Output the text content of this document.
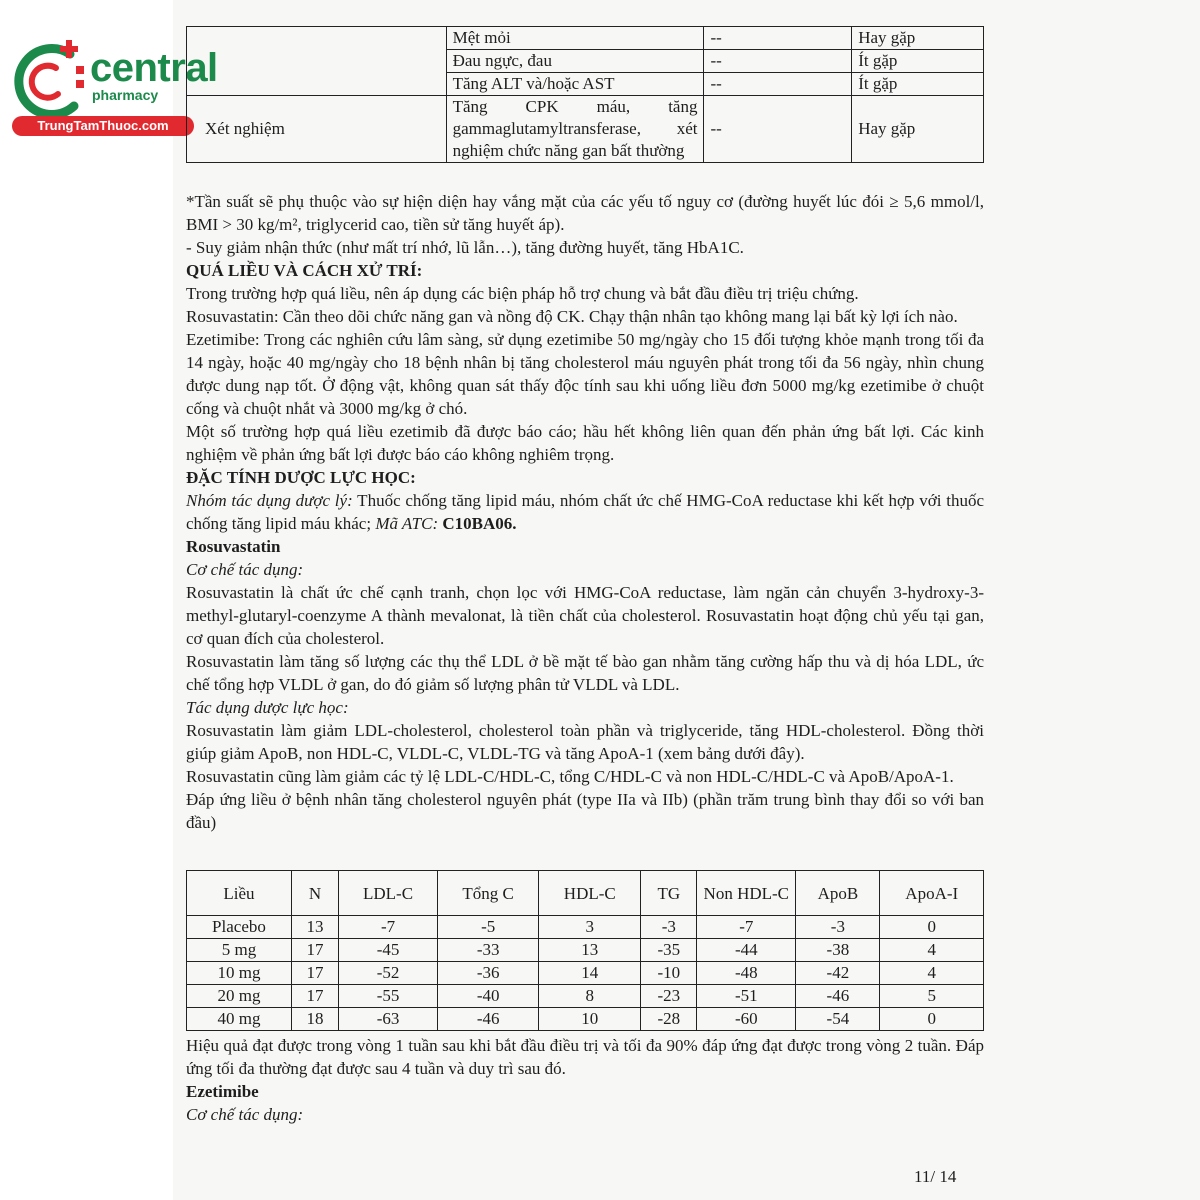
central
pharmacy
TrungTamThuoc.com
	Mệt mỏi	--	Hay gặp
	Đau ngực, đau	--	Ít gặp
	Tăng ALT và/hoặc AST	--	Ít gặp
Xét nghiệm	Tăng CPK máu, tăng gammaglutamyltransferase, xét nghiệm chức năng gan bất thường	--	Hay gặp

*Tần suất sẽ phụ thuộc vào sự hiện diện hay vắng mặt của các yếu tố nguy cơ (đường huyết lúc đói ≥ 5,6 mmol/l, BMI > 30 kg/m², triglycerid cao, tiền sử tăng huyết áp).

- Suy giảm nhận thức (như mất trí nhớ, lũ lẫn…), tăng đường huyết, tăng HbA1C.

QUÁ LIỀU VÀ CÁCH XỬ TRÍ:

Trong trường hợp quá liều, nên áp dụng các biện pháp hỗ trợ chung và bắt đầu điều trị triệu chứng.

Rosuvastatin: Cần theo dõi chức năng gan và nồng độ CK. Chạy thận nhân tạo không mang lại bất kỳ lợi ích nào.

Ezetimibe: Trong các nghiên cứu lâm sàng, sử dụng ezetimibe 50 mg/ngày cho 15 đối tượng khỏe mạnh trong tối đa 14 ngày, hoặc 40 mg/ngày cho 18 bệnh nhân bị tăng cholesterol máu nguyên phát trong tối đa 56 ngày, nhìn chung được dung nạp tốt. Ở động vật, không quan sát thấy độc tính sau khi uống liều đơn 5000 mg/kg ezetimibe ở chuột cống và chuột nhắt và 3000 mg/kg ở chó.

Một số trường hợp quá liều ezetimib đã được báo cáo; hầu hết không liên quan đến phản ứng bất lợi. Các kinh nghiệm về phản ứng bất lợi được báo cáo không nghiêm trọng.

ĐẶC TÍNH DƯỢC LỰC HỌC:

Nhóm tác dụng dược lý: Thuốc chống tăng lipid máu, nhóm chất ức chế HMG-CoA reductase khi kết hợp với thuốc chống tăng lipid máu khác; Mã ATC: C10BA06.

Rosuvastatin

Cơ chế tác dụng:

Rosuvastatin là chất ức chế cạnh tranh, chọn lọc với HMG-CoA reductase, làm ngăn cản chuyển 3-hydroxy-3-methyl-glutaryl-coenzyme A thành mevalonat, là tiền chất của cholesterol. Rosuvastatin hoạt động chủ yếu tại gan, cơ quan đích của cholesterol.

Rosuvastatin làm tăng số lượng các thụ thể LDL ở bề mặt tế bào gan nhằm tăng cường hấp thu và dị hóa LDL, ức chế tổng hợp VLDL ở gan, do đó giảm số lượng phân tử VLDL và LDL.

Tác dụng dược lực học:

Rosuvastatin làm giảm LDL-cholesterol, cholesterol toàn phần và triglyceride, tăng HDL-cholesterol. Đồng thời giúp giảm ApoB, non HDL-C, VLDL-C, VLDL-TG và tăng ApoA-1 (xem bảng dưới đây).

Rosuvastatin cũng làm giảm các tỷ lệ LDL-C/HDL-C, tổng C/HDL-C và non HDL-C/HDL-C và ApoB/ApoA-1.

Đáp ứng liều ở bệnh nhân tăng cholesterol nguyên phát (type IIa và IIb) (phần trăm trung bình thay đổi so với ban đầu)

Liều	N	LDL-C	Tổng C	HDL-C	TG	Non HDL-C	ApoB	ApoA-I
Placebo	13	-7	-5	3	-3	-7	-3	0
5 mg	17	-45	-33	13	-35	-44	-38	4
10 mg	17	-52	-36	14	-10	-48	-42	4
20 mg	17	-55	-40	8	-23	-51	-46	5
40 mg	18	-63	-46	10	-28	-60	-54	0

Hiệu quả đạt được trong vòng 1 tuần sau khi bắt đầu điều trị và tối đa 90% đáp ứng đạt được trong vòng 2 tuần. Đáp ứng tối đa thường đạt được sau 4 tuần và duy trì sau đó.

Ezetimibe

Cơ chế tác dụng:

11/ 14
